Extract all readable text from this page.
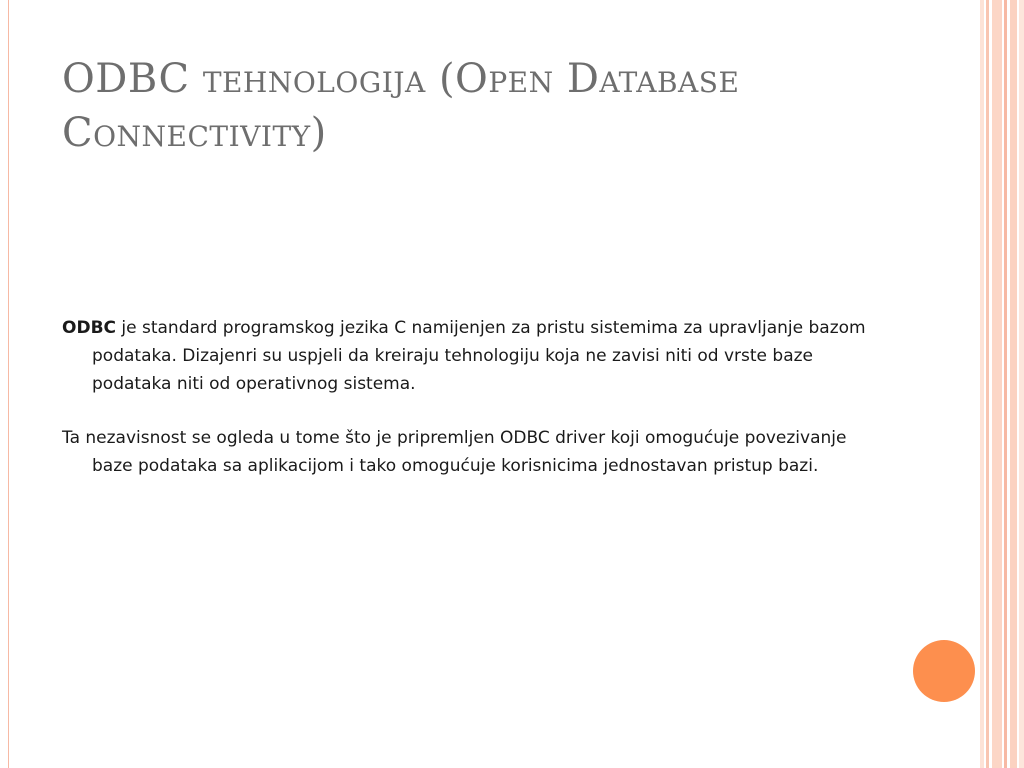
ODBC tehnologija (Open Database Connectivity)

ODBC je standard programskog jezika C namijenjen za pristu sistemima za upravljanje bazom podataka. Dizajenri su uspjeli da kreiraju tehnologiju koja ne zavisi niti od vrste baze podataka niti od operativnog sistema.

Ta nezavisnost se ogleda u tome što je pripremljen ODBC driver koji omogućuje povezivanje baze podataka sa aplikacijom i tako omogućuje korisnicima jednostavan pristup bazi.
